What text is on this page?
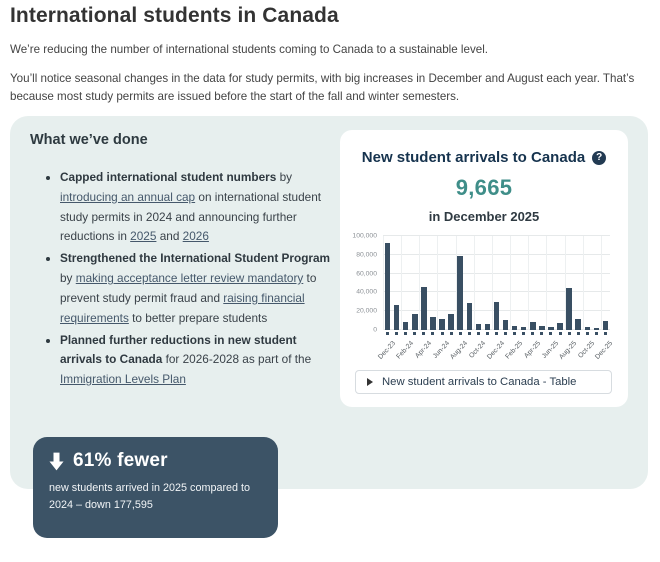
International students in Canada

We’re reducing the number of international students coming to Canada to a sustainable level.

You’ll notice seasonal changes in the data for study permits, with big increases in December and August each year. That’s because most study permits are issued before the start of the fall and winter semesters.

What we’ve done
• Capped international student numbers by introducing an annual cap on international student study permits in 2024 and announcing further reductions in 2025 and 2026
• Strengthened the International Student Program by making acceptance letter review mandatory to prevent study permit fraud and raising financial requirements to better prepare students
• Planned further reductions in new student arrivals to Canada for 2026-2028 as part of the Immigration Levels Plan
New student arrivals to Canada	?
9,665
in December 2025
0
20,000
40,000
60,000
80,000
100,000
Dec-23
Feb-24 Apr-24
Jun-24
Aug-24 Oct-24
Dec-24
Feb-25 Apr-25
Jun-25
Aug-25 Oct-25
Dec-25
New student arrivals to Canada - Table
61% fewer
new students arrived in 2025 compared to 2024 – down 177,595
